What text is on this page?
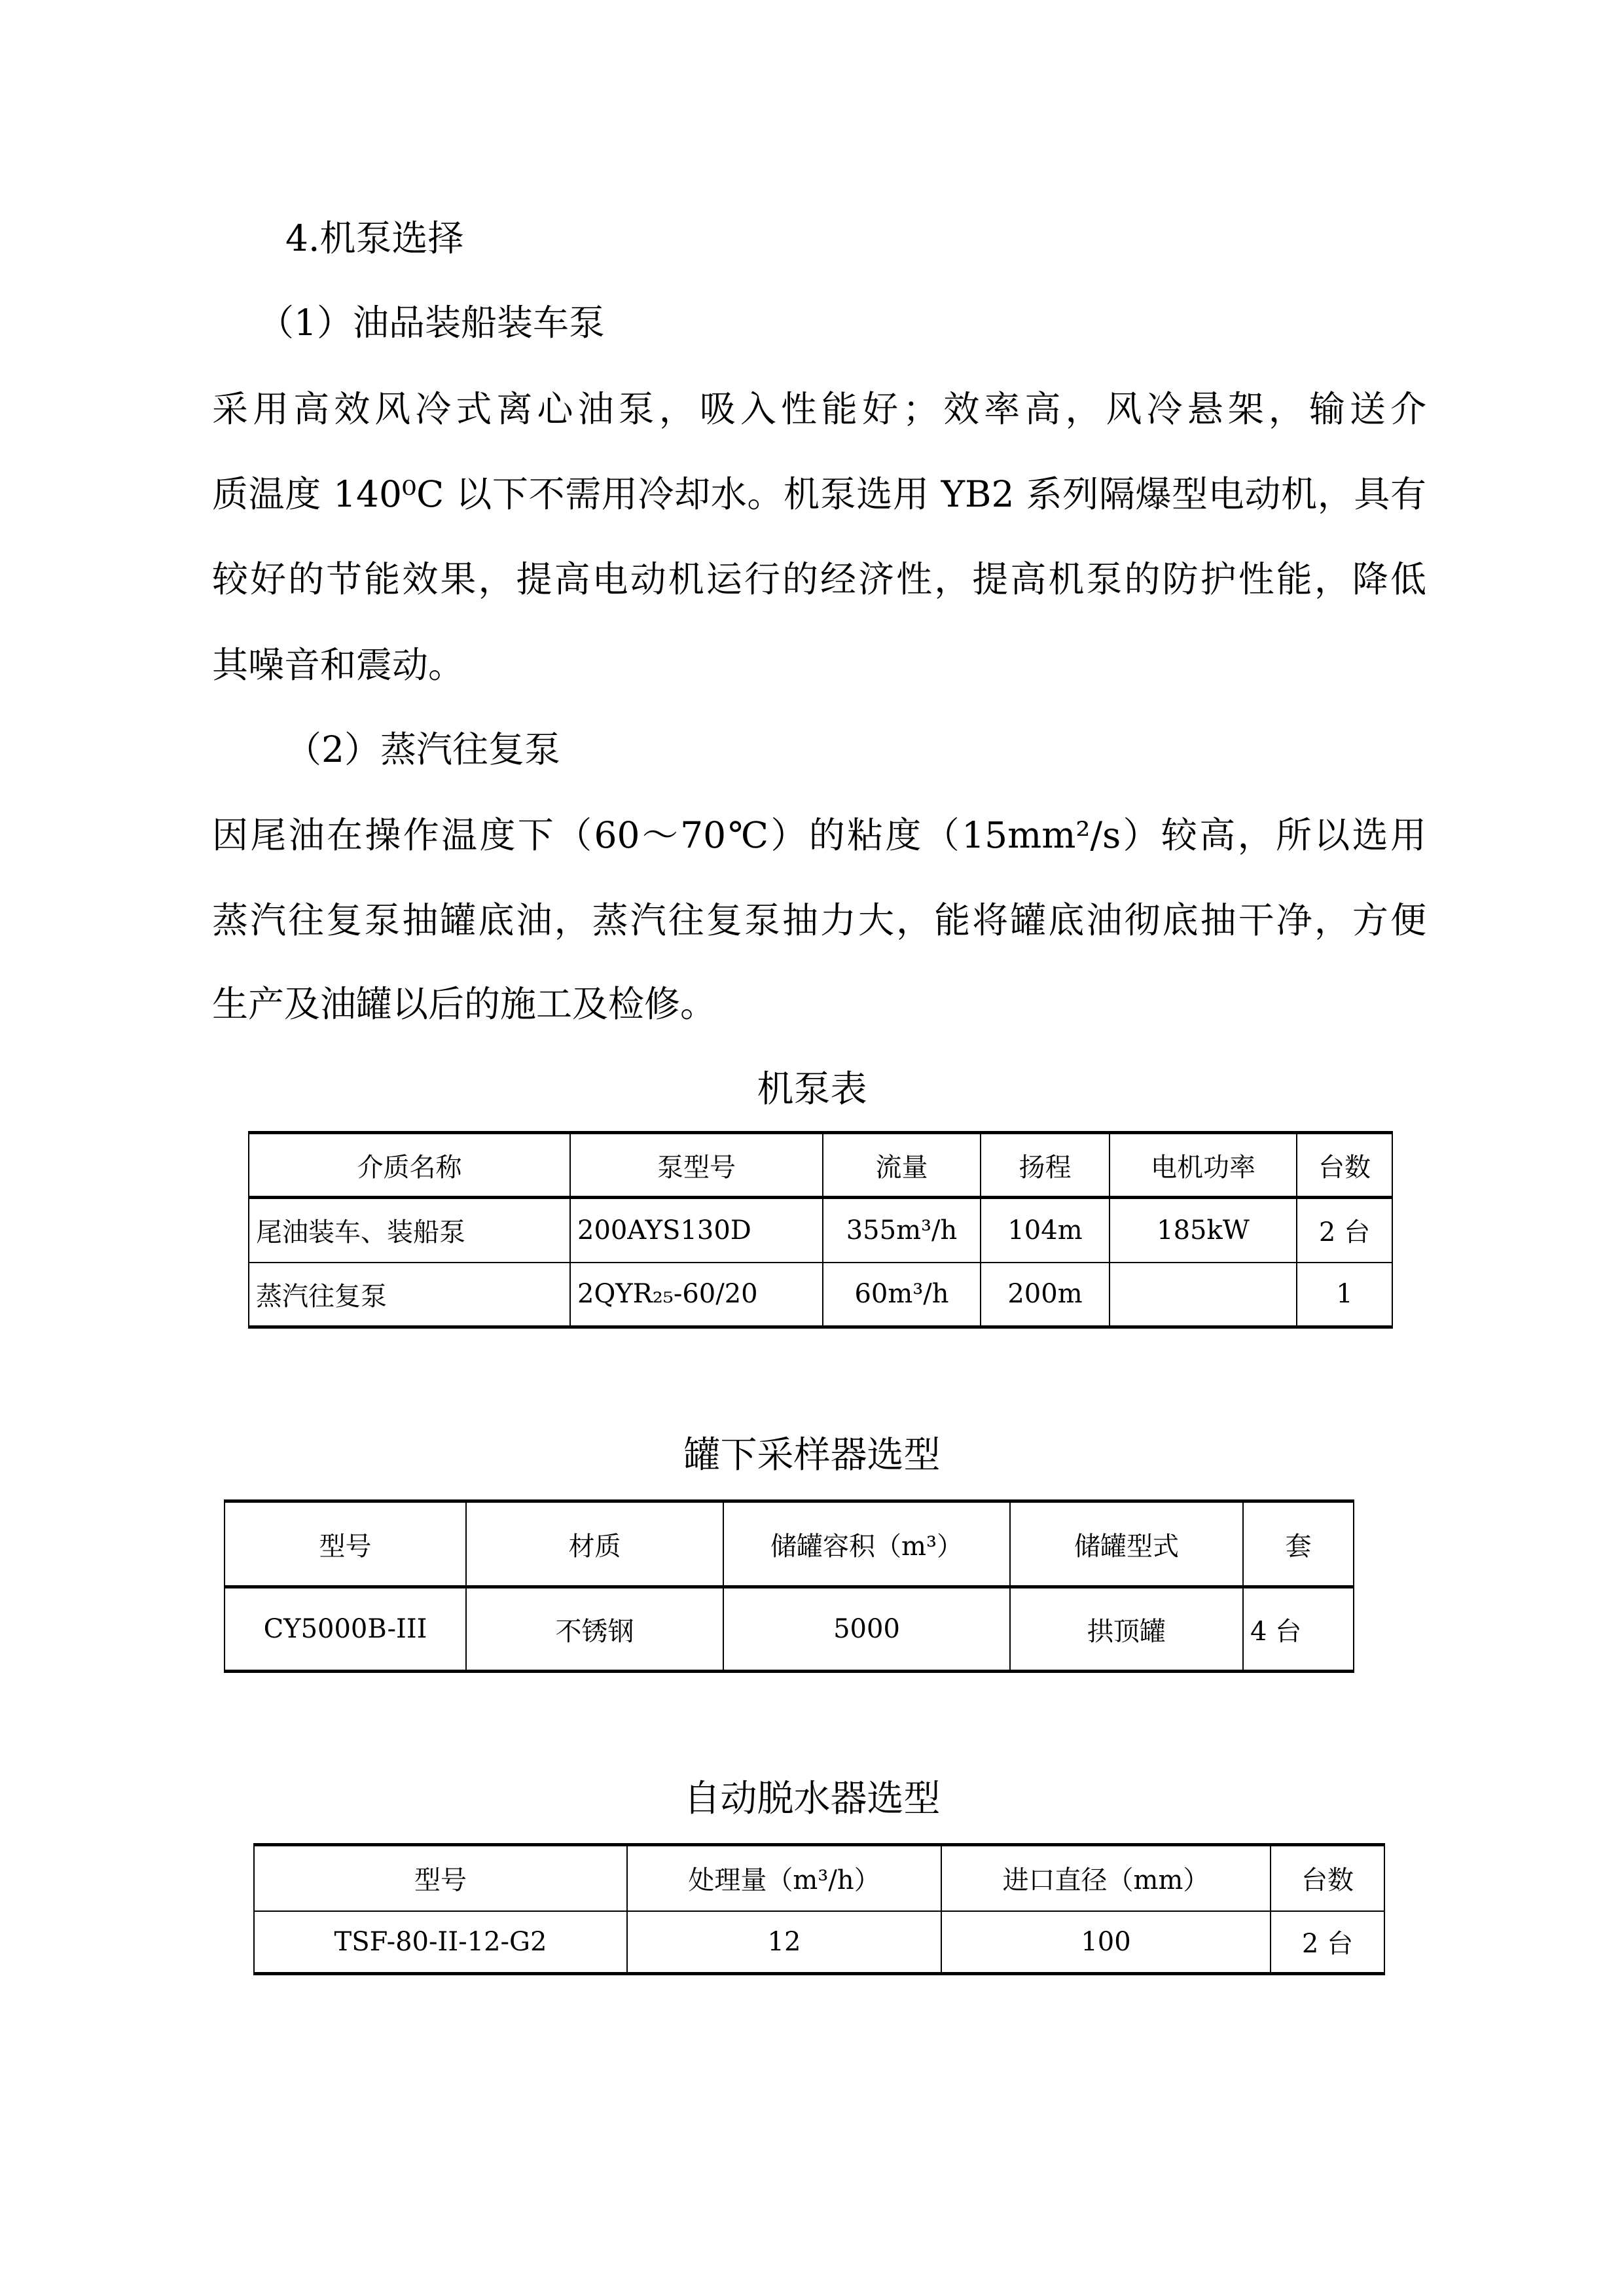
4.机泵选择
（1）油品装船装车泵
采用高效风冷式离心油泵，吸入性能好；效率高，风冷悬架，输送介
质温度 140⁰C 以下不需用冷却水。机泵选用 YB2 系列隔爆型电动机，具有
较好的节能效果，提高电动机运行的经济性，提高机泵的防护性能，降低
其噪音和震动。
（2）蒸汽往复泵
因尾油在操作温度下（60～70℃）的粘度（15mm²/s）较高，所以选用
蒸汽往复泵抽罐底油，蒸汽往复泵抽力大，能将罐底油彻底抽干净，方便
生产及油罐以后的施工及检修。
机泵表
介质名称	泵型号	流量	扬程	电机功率	台数
尾油装车、装船泵	200AYS130D	355m³/h	104m	185kW	2 台
蒸汽往复泵	2QYR₂₅-60/20	60m³/h	200m		1
罐下采样器选型
型号	材质	储罐容积（m³）	储罐型式	套
CY5000B-III	不锈钢	5000	拱顶罐	4 台
自动脱水器选型
型号	处理量（m³/h）	进口直径（mm）	台数
TSF-80-II-12-G2	12	100	2 台
